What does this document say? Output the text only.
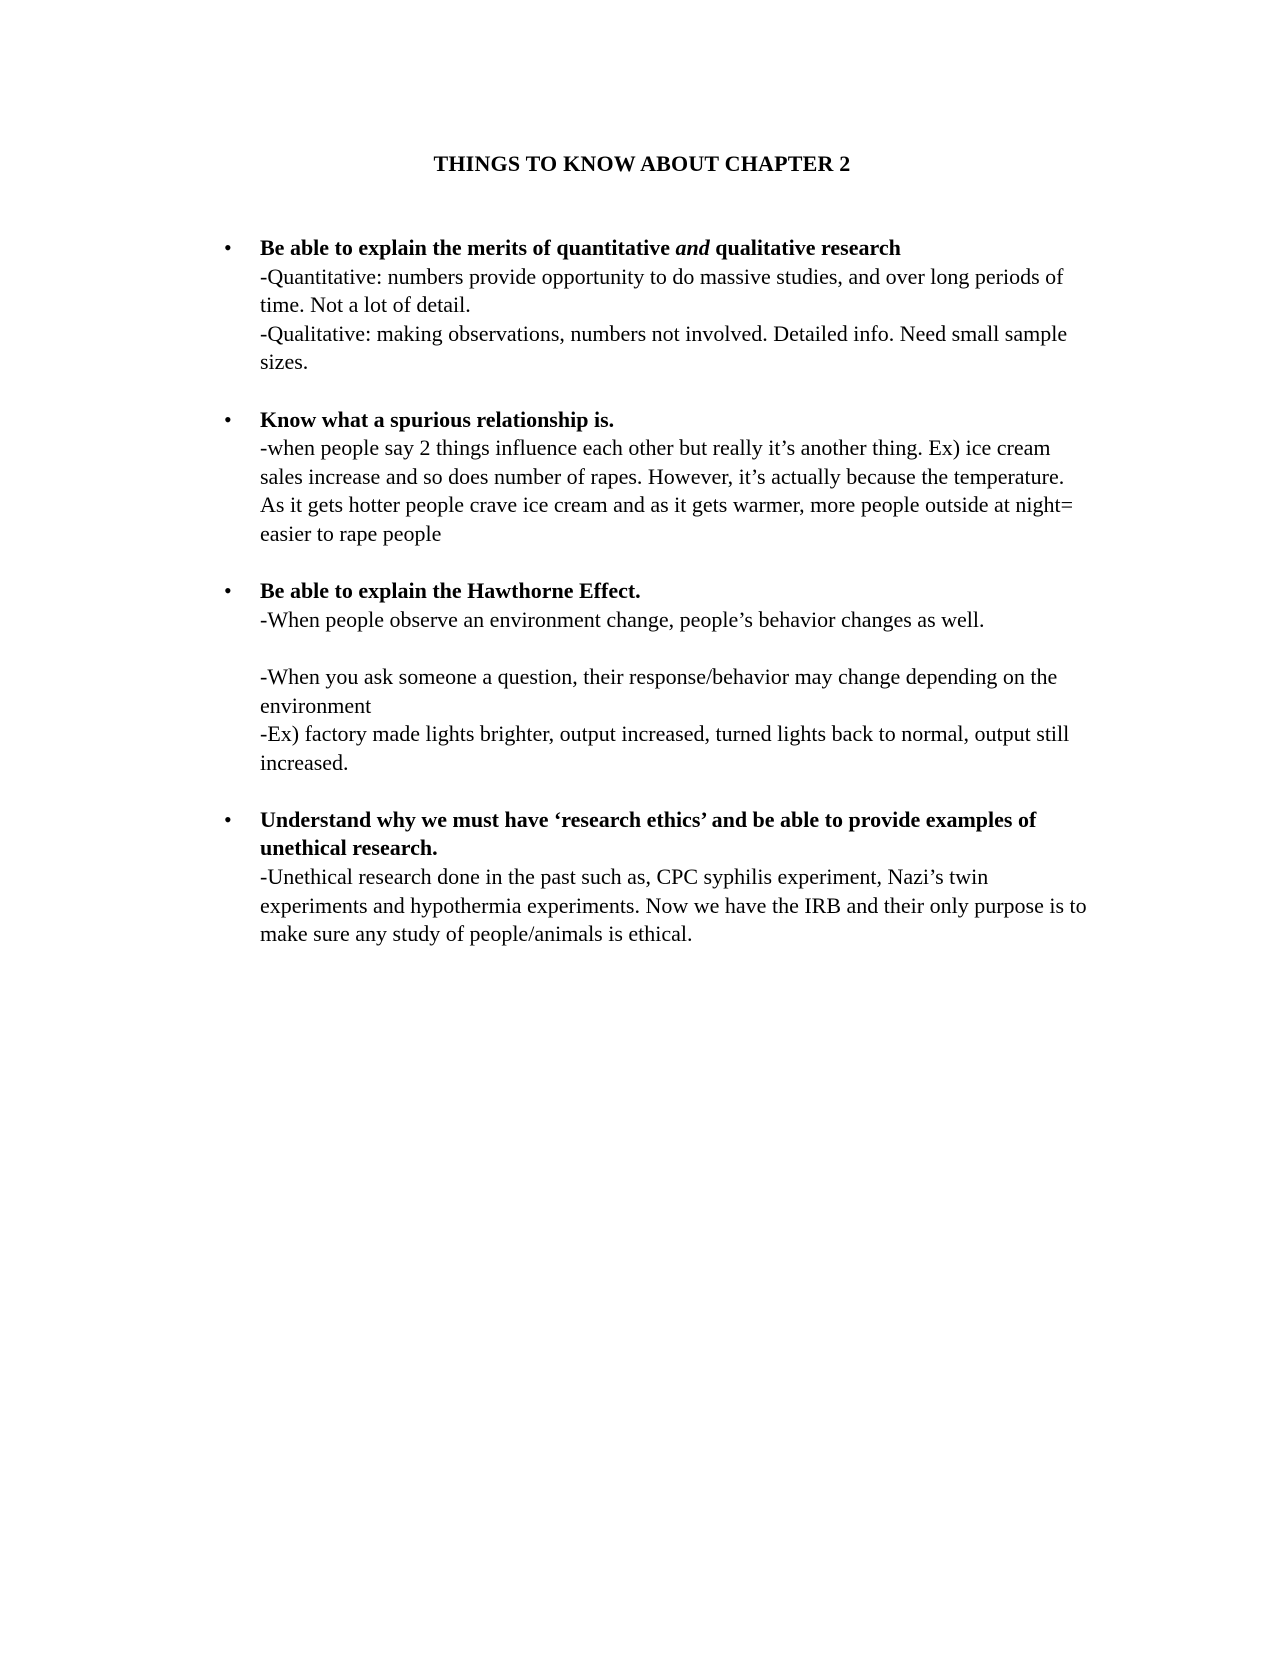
THINGS TO KNOW ABOUT CHAPTER 2
• Be able to explain the merits of quantitative and qualitative research
-Quantitative: numbers provide opportunity to do massive studies, and over long periods of time. Not a lot of detail.
-Qualitative: making observations, numbers not involved. Detailed info. Need small sample sizes.
• Know what a spurious relationship is.
-when people say 2 things influence each other but really it’s another thing. Ex) ice cream sales increase and so does number of rapes. However, it’s actually because the temperature. As it gets hotter people crave ice cream and as it gets warmer, more people outside at night= easier to rape people
• Be able to explain the Hawthorne Effect.
-When people observe an environment change, people’s behavior changes as well.
-When you ask someone a question, their response/behavior may change depending on the environment
-Ex) factory made lights brighter, output increased, turned lights back to normal, output still increased.
• Understand why we must have ‘research ethics’ and be able to provide examples of unethical research.
-Unethical research done in the past such as, CPC syphilis experiment, Nazi’s twin experiments and hypothermia experiments. Now we have the IRB and their only purpose is to make sure any study of people/animals is ethical.
